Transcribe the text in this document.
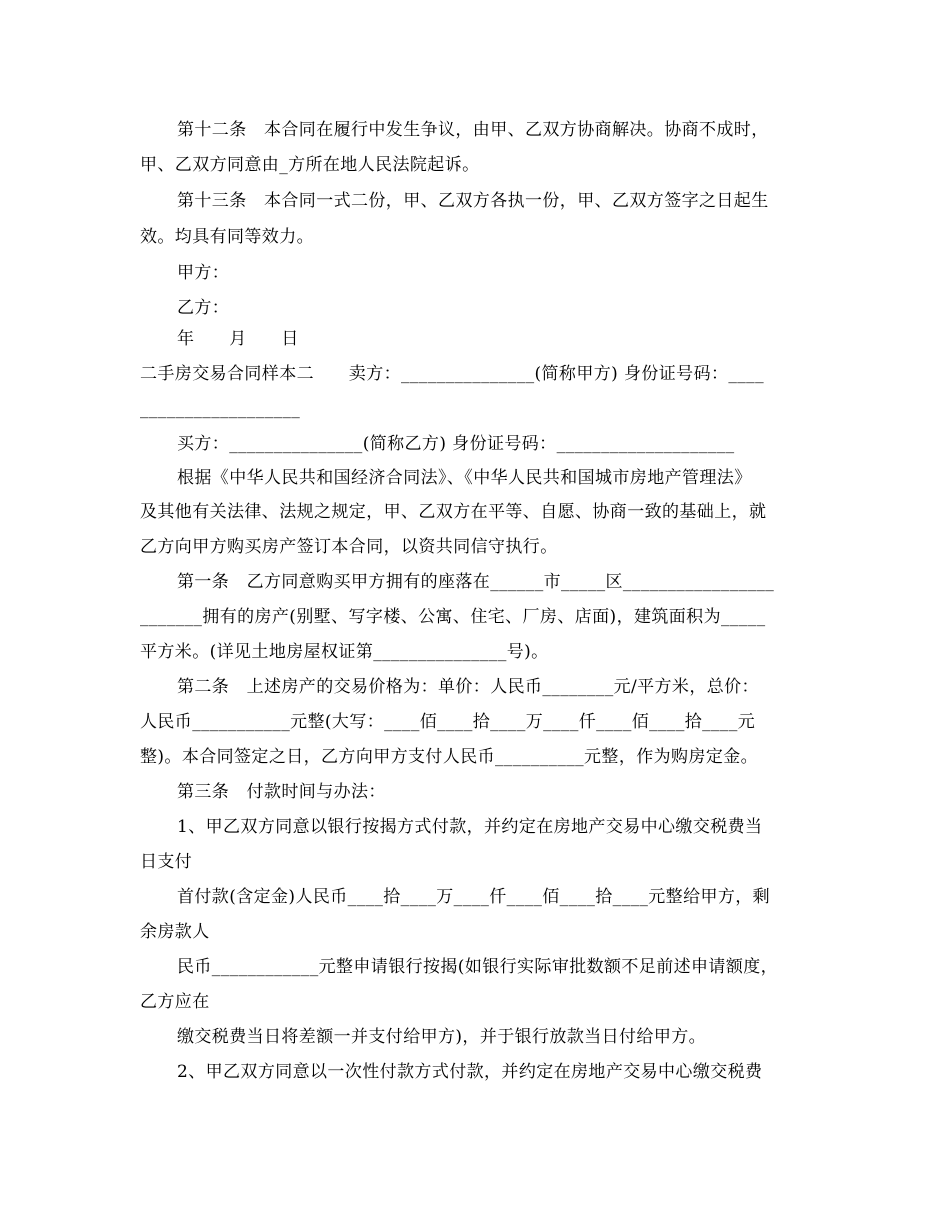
第十二条　本合同在履行中发生争议，由甲、乙双方协商解决。协商不成时，
甲、乙双方同意由_方所在地人民法院起诉。
第十三条　本合同一式二份，甲、乙双方各执一份，甲、乙双方签字之日起生
效。均具有同等效力。
甲方：
乙方：
年　　月　　日
二手房交易合同样本二　　卖方：_______________(简称甲方) 身份证号码：____
__________________
买方：_______________(简称乙方) 身份证号码：____________________
根据《中华人民共和国经济合同法》、《中华人民共和国城市房地产管理法》
及其他有关法律、法规之规定，甲、乙双方在平等、自愿、协商一致的基础上，就
乙方向甲方购买房产签订本合同，以资共同信守执行。
第一条　乙方同意购买甲方拥有的座落在______市_____区_________________
_______拥有的房产(别墅、写字楼、公寓、住宅、厂房、店面)，建筑面积为_____
平方米。(详见土地房屋权证第_______________号)。
第二条　上述房产的交易价格为：单价：人民币________元/平方米，总价：
人民币___________元整(大写：____佰____拾____万____仟____佰____拾____元
整)。本合同签定之日，乙方向甲方支付人民币__________元整，作为购房定金。
第三条　付款时间与办法：
1、甲乙双方同意以银行按揭方式付款，并约定在房地产交易中心缴交税费当
日支付
首付款(含定金)人民币____拾____万____仟____佰____拾____元整给甲方，剩
余房款人
民币____________元整申请银行按揭(如银行实际审批数额不足前述申请额度，
乙方应在
缴交税费当日将差额一并支付给甲方)，并于银行放款当日付给甲方。
2、甲乙双方同意以一次性付款方式付款，并约定在房地产交易中心缴交税费
